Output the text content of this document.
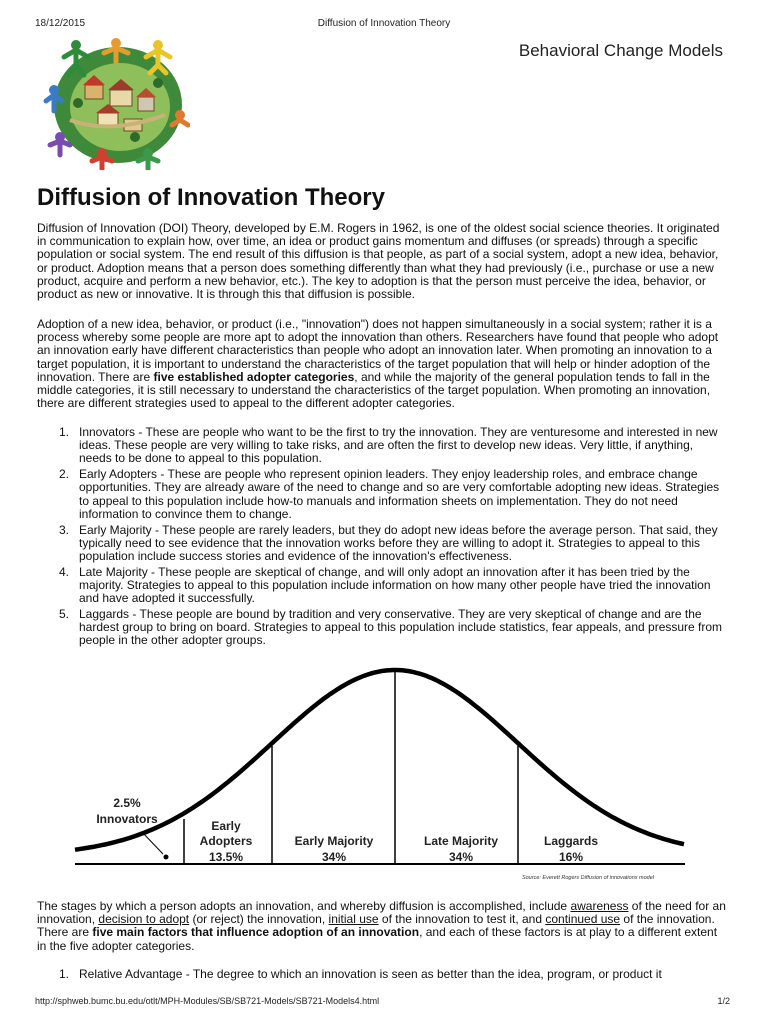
18/12/2015	Diffusion of Innovation Theory
Behavioral Change Models
Diffusion of Innovation Theory

Diffusion of Innovation (DOI) Theory, developed by E.M. Rogers in 1962, is one of the oldest social science theories. It originated in communication to explain how, over time, an idea or product gains momentum and diffuses (or spreads) through a specific population or social system. The end result of this diffusion is that people, as part of a social system, adopt a new idea, behavior, or product. Adoption means that a person does something differently than what they had previously (i.e., purchase or use a new product, acquire and perform a new behavior, etc.). The key to adoption is that the person must perceive the idea, behavior, or product as new or innovative. It is through this that diffusion is possible.

Adoption of a new idea, behavior, or product (i.e., "innovation") does not happen simultaneously in a social system; rather it is a process whereby some people are more apt to adopt the innovation than others. Researchers have found that people who adopt an innovation early have different characteristics than people who adopt an innovation later. When promoting an innovation to a target population, it is important to understand the characteristics of the target population that will help or hinder adoption of the innovation. There are five established adopter categories, and while the majority of the general population tends to fall in the middle categories, it is still necessary to understand the characteristics of the target population. When promoting an innovation, there are different strategies used to appeal to the different adopter categories.

1. Innovators - These are people who want to be the first to try the innovation. They are venturesome and interested in new ideas. These people are very willing to take risks, and are often the first to develop new ideas. Very little, if anything, needs to be done to appeal to this population.
2. Early Adopters - These are people who represent opinion leaders. They enjoy leadership roles, and embrace change opportunities. They are already aware of the need to change and so are very comfortable adopting new ideas. Strategies to appeal to this population include how-to manuals and information sheets on implementation. They do not need information to convince them to change.
3. Early Majority - These people are rarely leaders, but they do adopt new ideas before the average person. That said, they typically need to see evidence that the innovation works before they are willing to adopt it. Strategies to appeal to this population include success stories and evidence of the innovation's effectiveness.
4. Late Majority - These people are skeptical of change, and will only adopt an innovation after it has been tried by the majority. Strategies to appeal to this population include information on how many other people have tried the innovation and have adopted it successfully.
5. Laggards - These people are bound by tradition and very conservative. They are very skeptical of change and are the hardest group to bring on board. Strategies to appeal to this population include statistics, fear appeals, and pressure from people in the other adopter groups.
2.5%
Innovators	Early
Adopters
13.5%
Early Majority
34%
Late Majority
34%
Laggards
16%
Source: Everett Rogers Diffusion of innovations model

The stages by which a person adopts an innovation, and whereby diffusion is accomplished, include awareness of the need for an innovation, decision to adopt (or reject) the innovation, initial use of the innovation to test it, and continued use of the innovation. There are five main factors that influence adoption of an innovation, and each of these factors is at play to a different extent in the five adopter categories.

1. Relative Advantage - The degree to which an innovation is seen as better than the idea, program, or product it
http://sphweb.bumc.bu.edu/otlt/MPH-Modules/SB/SB721-Models/SB721-Models4.html	1/2
